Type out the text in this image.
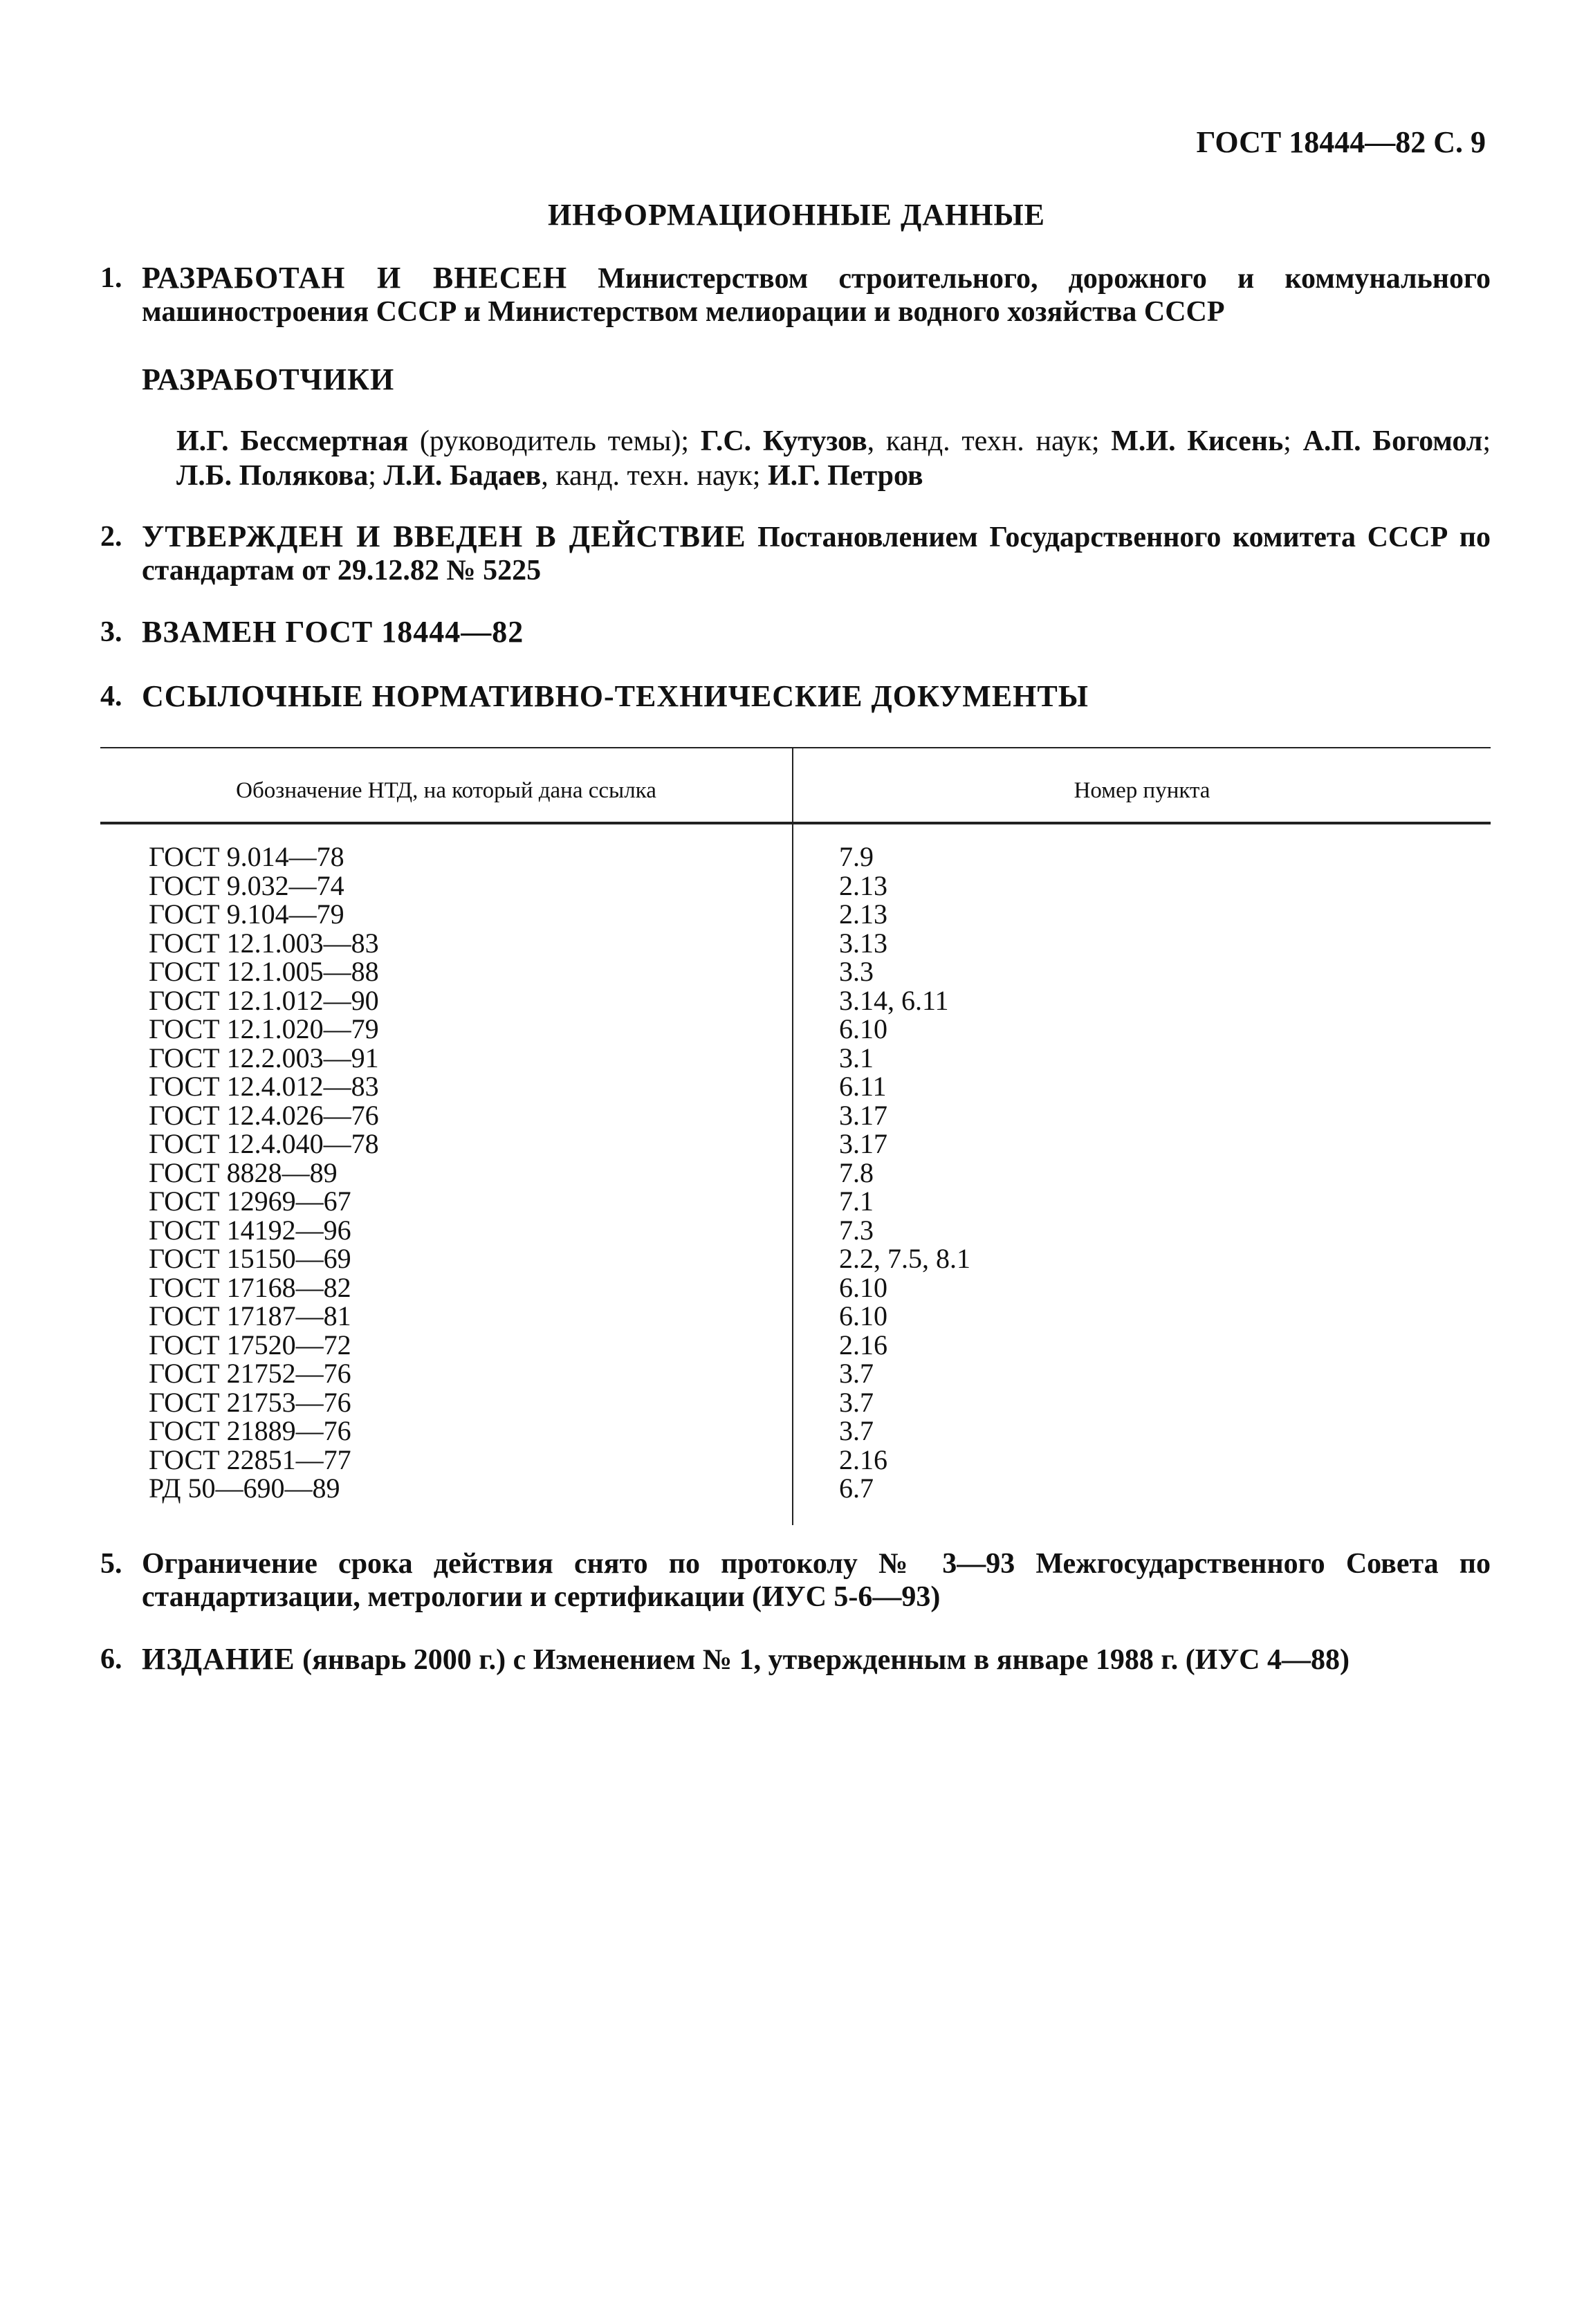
ГОСТ 18444—82 С. 9
ИНФОРМАЦИОННЫЕ ДАННЫЕ
1. РАЗРАБОТАН И ВНЕСЕН Министерством строительного, дорожного и коммунального машиностроения СССР и Министерством мелиорации и водного хозяйства СССР
РАЗРАБОТЧИКИ
И.Г. Бессмертная (руководитель темы); Г.С. Кутузов, канд. техн. наук; М.И. Кисень; А.П. Богомол; Л.Б. Полякова; Л.И. Бадаев, канд. техн. наук; И.Г. Петров
2. УТВЕРЖДЕН И ВВЕДЕН В ДЕЙСТВИЕ Постановлением Государственного комитета СССР по стандартам от 29.12.82 № 5225
3. ВЗАМЕН ГОСТ 18444—82
4. ССЫЛОЧНЫЕ НОРМАТИВНО-ТЕХНИЧЕСКИЕ ДОКУМЕНТЫ
Обозначение НТД, на который дана ссылка	Номер пункта
ГОСТ 9.014—78	7.9
ГОСТ 9.032—74	2.13
ГОСТ 9.104—79	2.13
ГОСТ 12.1.003—83	3.13
ГОСТ 12.1.005—88	3.3
ГОСТ 12.1.012—90	3.14, 6.11
ГОСТ 12.1.020—79	6.10
ГОСТ 12.2.003—91	3.1
ГОСТ 12.4.012—83	6.11
ГОСТ 12.4.026—76	3.17
ГОСТ 12.4.040—78	3.17
ГОСТ 8828—89	7.8
ГОСТ 12969—67	7.1
ГОСТ 14192—96	7.3
ГОСТ 15150—69	2.2, 7.5, 8.1
ГОСТ 17168—82	6.10
ГОСТ 17187—81	6.10
ГОСТ 17520—72	2.16
ГОСТ 21752—76	3.7
ГОСТ 21753—76	3.7
ГОСТ 21889—76	3.7
ГОСТ 22851—77	2.16
РД 50—690—89	6.7
5. Ограничение срока действия снято по протоколу № 3—93 Межгосударственного Совета по стандартизации, метрологии и сертификации (ИУС 5-6—93)
6. ИЗДАНИЕ (январь 2000 г.) с Изменением № 1, утвержденным в январе 1988 г. (ИУС 4—88)
